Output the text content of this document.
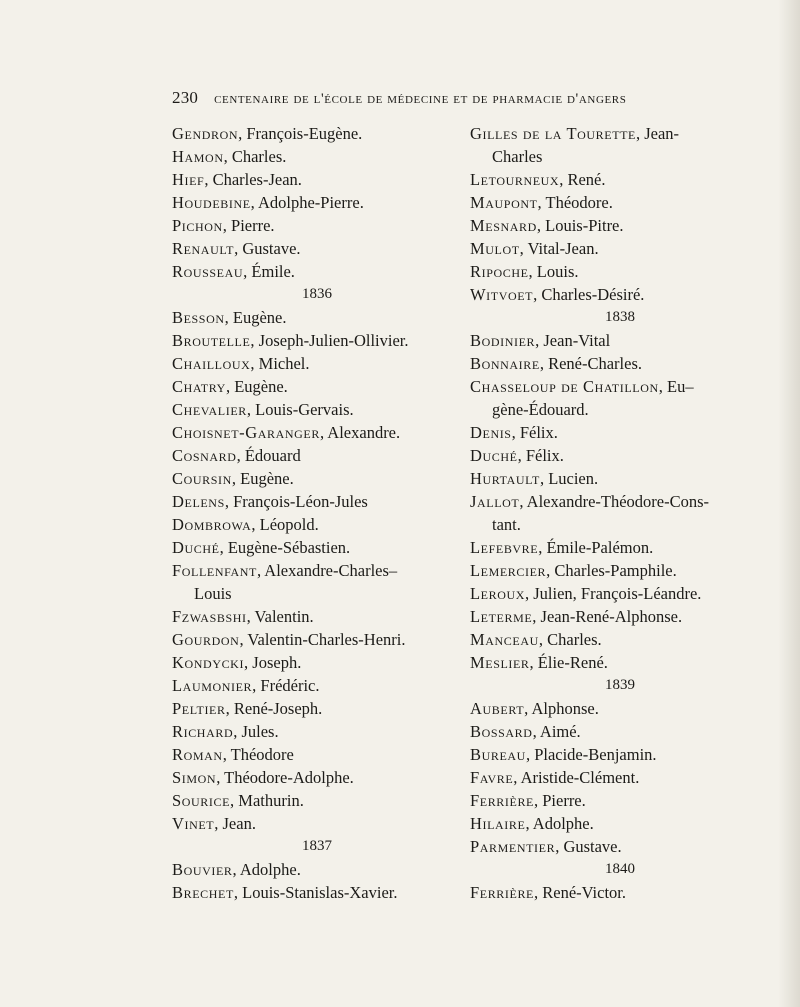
230 centenaire de l'école de médecine et de pharmacie d'angers
Gendron, François-Eugène.
Hamon, Charles.
Hief, Charles-Jean.
Houdebine, Adolphe-Pierre.
Pichon, Pierre.
Renault, Gustave.
Rousseau, Émile.
1836
Besson, Eugène.
Broutelle, Joseph-Julien-Ollivier.
Chailloux, Michel.
Chatry, Eugène.
Chevalier, Louis-Gervais.
Choisnet-Garanger, Alexandre.
Cosnard, Édouard
Coursin, Eugène.
Delens, François-Léon-Jules
Dombrowa, Léopold.
Duché, Eugène-Sébastien.
Follenfant, Alexandre-Charles–
Louis
Fzwasbshi, Valentin.
Gourdon, Valentin-Charles-Henri.
Kondycki, Joseph.
Laumonier, Frédéric.
Peltier, René-Joseph.
Richard, Jules.
Roman, Théodore
Simon, Théodore-Adolphe.
Sourice, Mathurin.
Vinet, Jean.
1837
Bouvier, Adolphe.
Brechet, Louis-Stanislas-Xavier.
Gilles de la Tourette, Jean-
Charles
Letourneux, René.
Maupont, Théodore.
Mesnard, Louis-Pitre.
Mulot, Vital-Jean.
Ripoche, Louis.
Witvoet, Charles-Désiré.
1838
Bodinier, Jean-Vital
Bonnaire, René-Charles.
Chasseloup de Chatillon, Eu–
gène-Édouard.
Denis, Félix.
Duché, Félix.
Hurtault, Lucien.
Jallot, Alexandre-Théodore-Cons-
tant.
Lefebvre, Émile-Palémon.
Lemercier, Charles-Pamphile.
Leroux, Julien, François-Léandre.
Leterme, Jean-René-Alphonse.
Manceau, Charles.
Meslier, Élie-René.
1839
Aubert, Alphonse.
Bossard, Aimé.
Bureau, Placide-Benjamin.
Favre, Aristide-Clément.
Ferrière, Pierre.
Hilaire, Adolphe.
Parmentier, Gustave.
1840
Ferrière, René-Victor.
